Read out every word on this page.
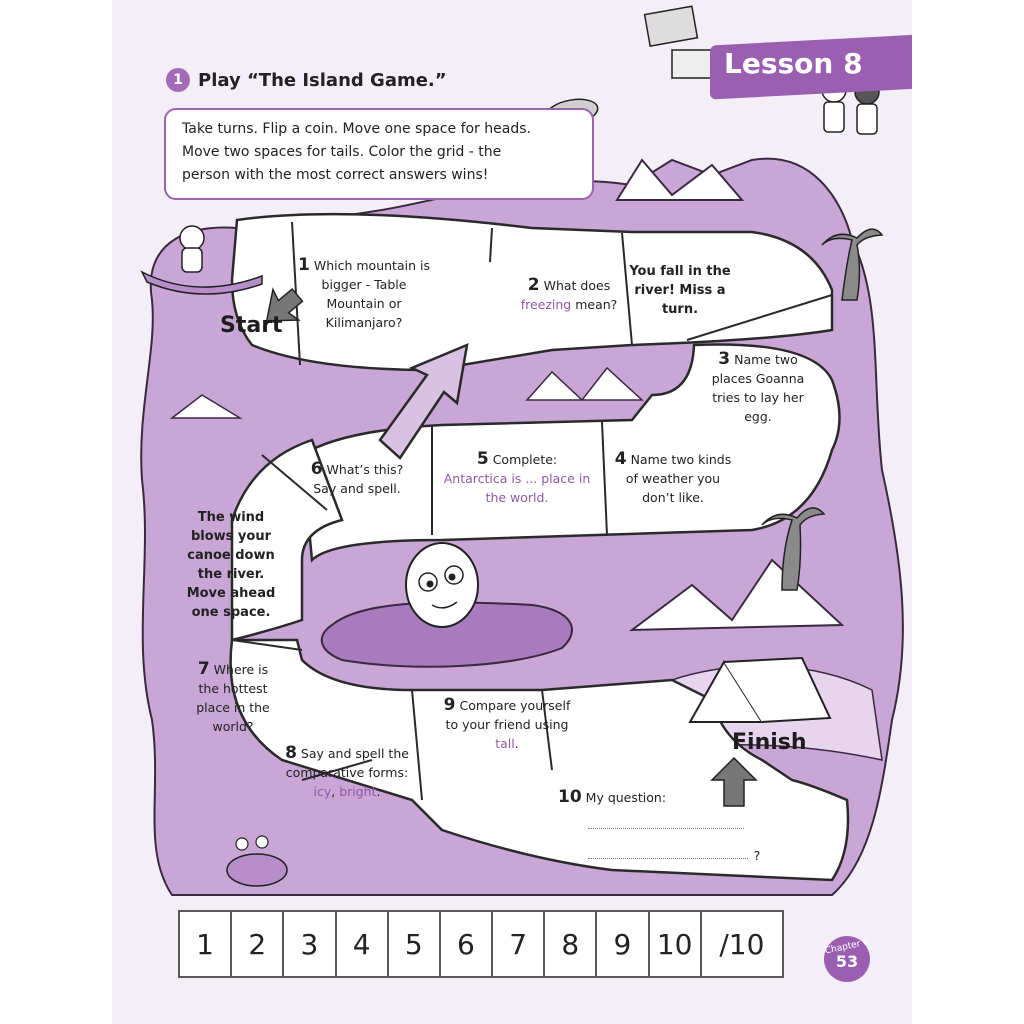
1 Play “The Island Game.”

Take turns. Flip a coin. Move one space for heads.
Move two spaces for tails. Color the grid - the
person with the most correct answers wins!

Lesson 8
Start
Finish
1 Which mountain is bigger - Table Mountain or Kilimanjaro?
2 What does freezing mean?
You fall in the river! Miss a turn.
3 Name two places Goanna tries to lay her egg.
4 Name two kinds of weather you don’t like.
5 Complete:
Antarctica is ... place in the world.
6 What’s this? Say and spell.
The wind blows your canoe down the river. Move ahead one space.
7 Where is the hottest place in the world?
8 Say and spell the comparative forms: icy, bright.
9 Compare yourself to your friend using tall.
10 My question:
?
1	2	3	4	5	6	7	8	9 10 /10	Chapter 6
53
